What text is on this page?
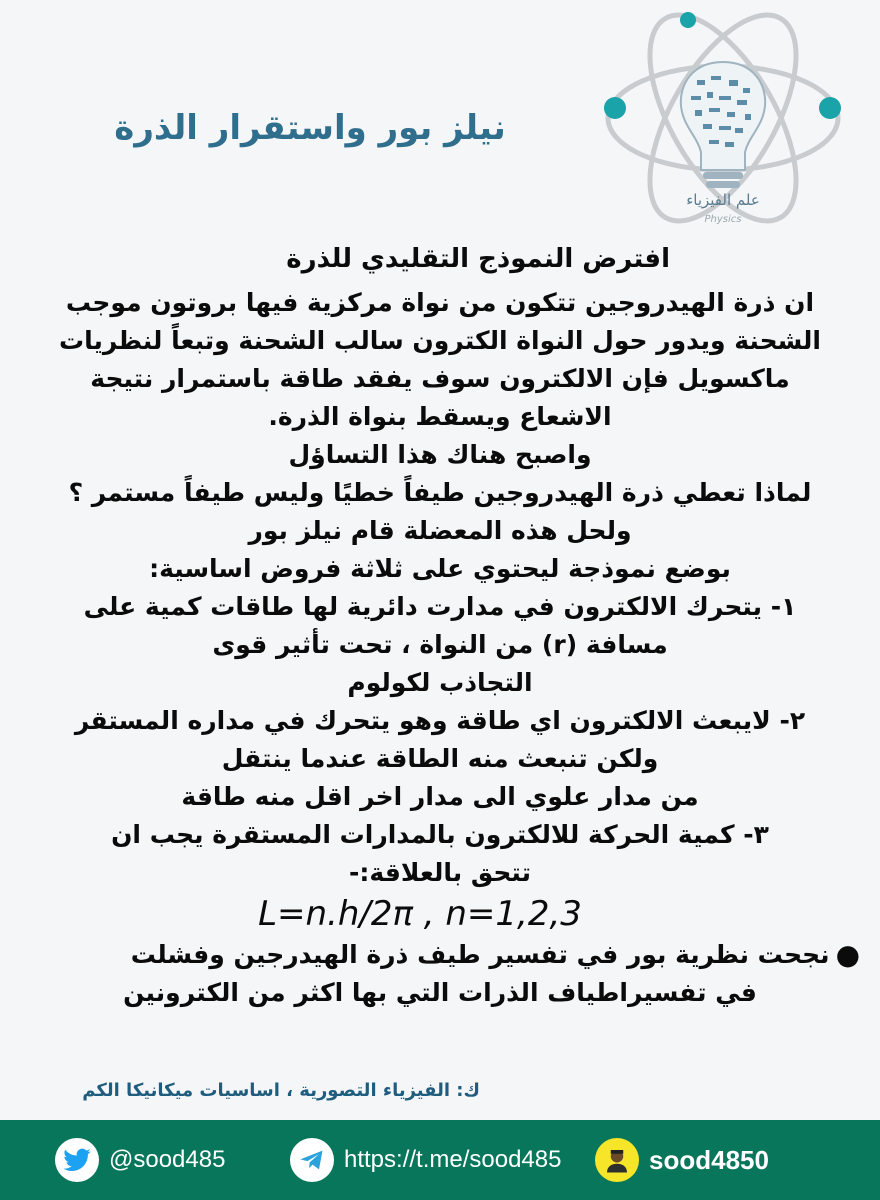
علم الفيزياء
Physics
نيلز بور واستقرار الذرة
افترض النموذج التقليدي للذرة
ان ذرة الهيدروجين تتكون من نواة مركزية فيها بروتون موجب
الشحنة ويدور حول النواة الكترون سالب الشحنة وتبعاً لنظريات
ماكسويل فإن الالكترون سوف يفقد طاقة باستمرار نتيجة
الاشعاع ويسقط بنواة الذرة.
واصبح هناك هذا التساؤل
لماذا تعطي ذرة الهيدروجين طيفاً خطيًا وليس طيفاً مستمر ؟
ولحل هذه المعضلة قام نيلز بور
بوضع نموذجة ليحتوي على ثلاثة فروض اساسية:
١- يتحرك الالكترون في مدارت دائرية لها طاقات كمية على
مسافة (r) من النواة ، تحت تأثير قوى
التجاذب لكولوم
٢- لايبعث الالكترون اي طاقة وهو يتحرك في مداره المستقر
ولكن تنبعث منه الطاقة عندما ينتقل
من مدار علوي الى مدار اخر اقل منه طاقة
٣- كمية الحركة للالكترون بالمدارات المستقرة يجب ان
تتحق بالعلاقة:-
L=n.h/2π , n=1,2,3
●
نجحت نظرية بور في تفسير طيف ذرة الهيدرجين وفشلت
في تفسيراطياف الذرات التي بها اكثر من الكترونين
ك: الفيزياء التصورية ، اساسيات ميكانيكا الكم
@sood485	https://t.me/sood485	sood4850
